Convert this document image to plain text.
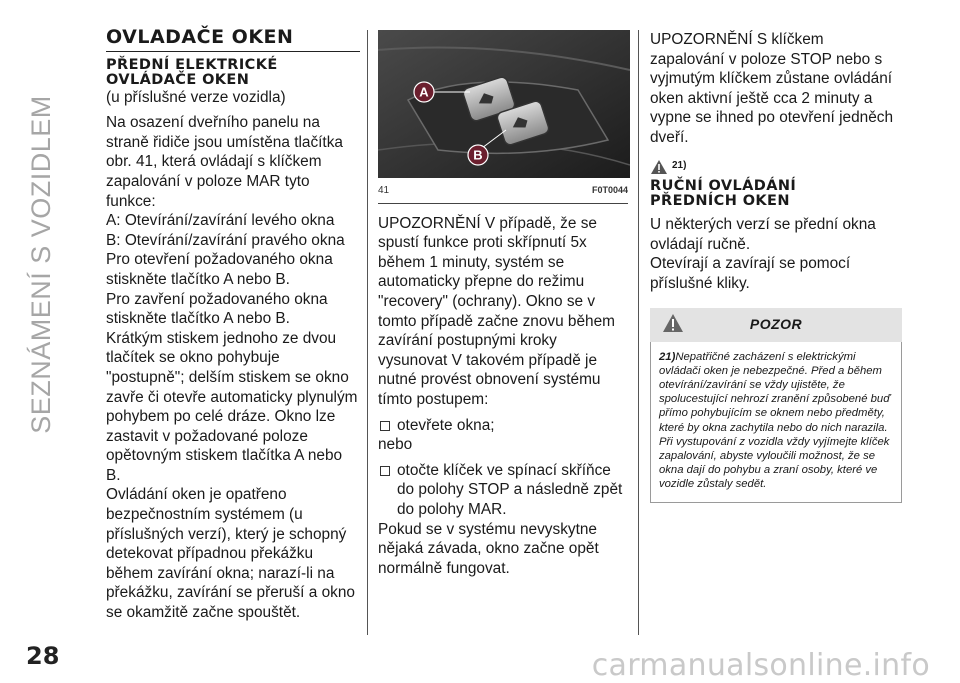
SEZNÁMENÍ S VOZIDLEM
OVLADAČE OKEN
PŘEDNÍ ELEKTRICKÉ
OVLÁDAČE OKEN

(u příslušné verze vozidla)

Na osazení dveřního panelu na straně řidiče jsou umístěna tlačítka obr. 41, která ovládají s klíčkem zapalování v poloze MAR tyto funkce:

A: Otevírání/zavírání levého okna

B: Otevírání/zavírání pravého okna

Pro otevření požadovaného okna stiskněte tlačítko A nebo B.

Pro zavření požadovaného okna stiskněte tlačítko A nebo B.

Krátkým stiskem jednoho ze dvou tlačítek se okno pohybuje "postupně"; delším stiskem se okno zavře či otevře automaticky plynulým pohybem po celé dráze. Okno lze zastavit v požadované poloze opětovným stiskem tlačítka A nebo B.

Ovládání oken je opatřeno bezpečnostním systémem (u příslušných verzí), který je schopný detekovat případnou překážku během zavírání okna; narazí-li na překážku, zavírání se přeruší a okno se okamžitě začne spouštět.

A
B
41	F0T0044

UPOZORNĚNÍ V případě, že se spustí funkce proti skřípnutí 5x během 1 minuty, systém se automaticky přepne do režimu "recovery" (ochrany). Okno se v tomto případě začne znovu během zavírání postupnými kroky vysunovat V takovém případě je nutné provést obnovení systému tímto postupem:

otevřete okna;

nebo

otočte klíček ve spínací skříňce do polohy STOP a následně zpět do polohy MAR.

Pokud se v systému nevyskytne nějaká závada, okno začne opět normálně fungovat.

UPOZORNĚNÍ S klíčkem zapalování v poloze STOP nebo s vyjmutým klíčkem zůstane ovládání oken aktivní ještě cca 2 minuty a vypne se ihned po otevření jedněch dveří.

21)
RUČNÍ OVLÁDÁNÍ
PŘEDNÍCH OKEN

U některých verzí se přední okna ovládají ručně.

Otevírají a zavírají se pomocí příslušné kliky.

POZOR
21)Nepatřičné zacházení s elektrickými ovládači oken je nebezpečné. Před a během otevírání/zavírání se vždy ujistěte, že spolucestující nehrozí zranění způsobené buď přímo pohybujícím se oknem nebo předměty, které by okna zachytila nebo do nich narazila. Při vystupování z vozidla vždy vyjímejte klíček zapalování, abyste vyloučili možnost, že se okna dají do pohybu a zraní osoby, které ve vozidle zůstaly sedět.
28	carmanualsonline.info
